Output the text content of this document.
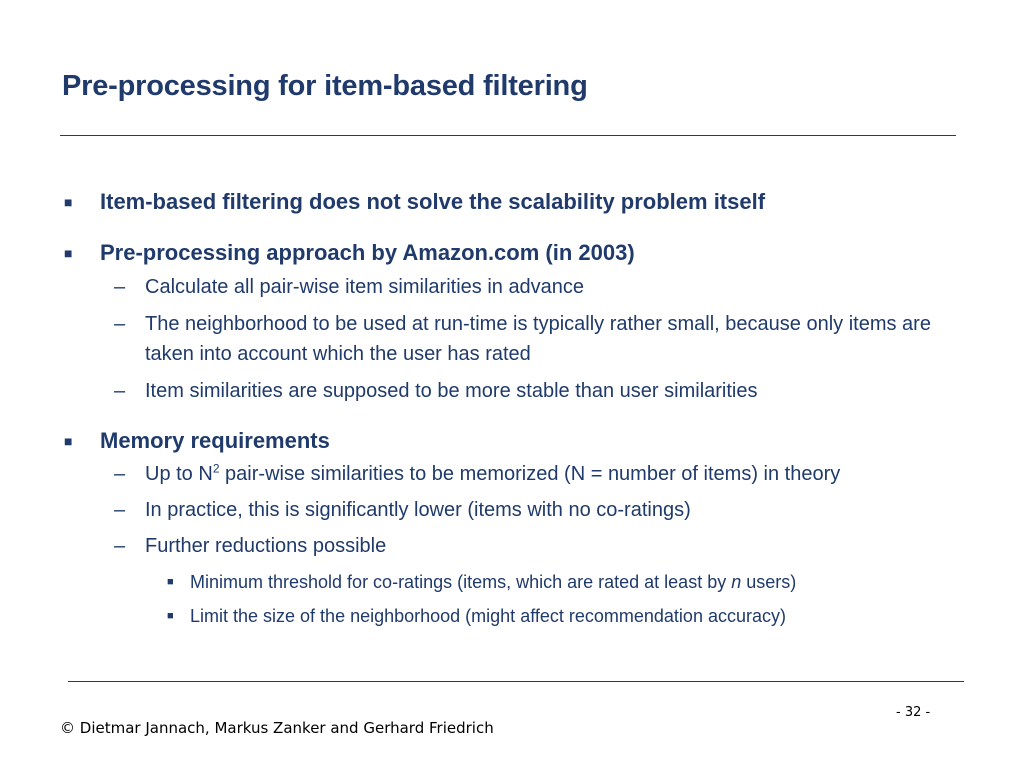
Pre-processing for item-based filtering
■ Item-based filtering does not solve the scalability problem itself
■ Pre-processing approach by Amazon.com (in 2003)
– Calculate all pair-wise item similarities in advance
– The neighborhood to be used at run-time is typically rather small, because only items are taken into account which the user has rated
– Item similarities are supposed to be more stable than user similarities
■ Memory requirements
– Up to $N^2$ pair-wise similarities to be memorized (N = number of items) in theory
– In practice, this is significantly lower (items with no co-ratings)
– Further reductions possible
■ Minimum threshold for co-ratings (items, which are rated at least by n users)
■ Limit the size of the neighborhood (might affect recommendation accuracy)
© Dietmar Jannach, Markus Zanker and Gerhard Friedrich
- 32 -
